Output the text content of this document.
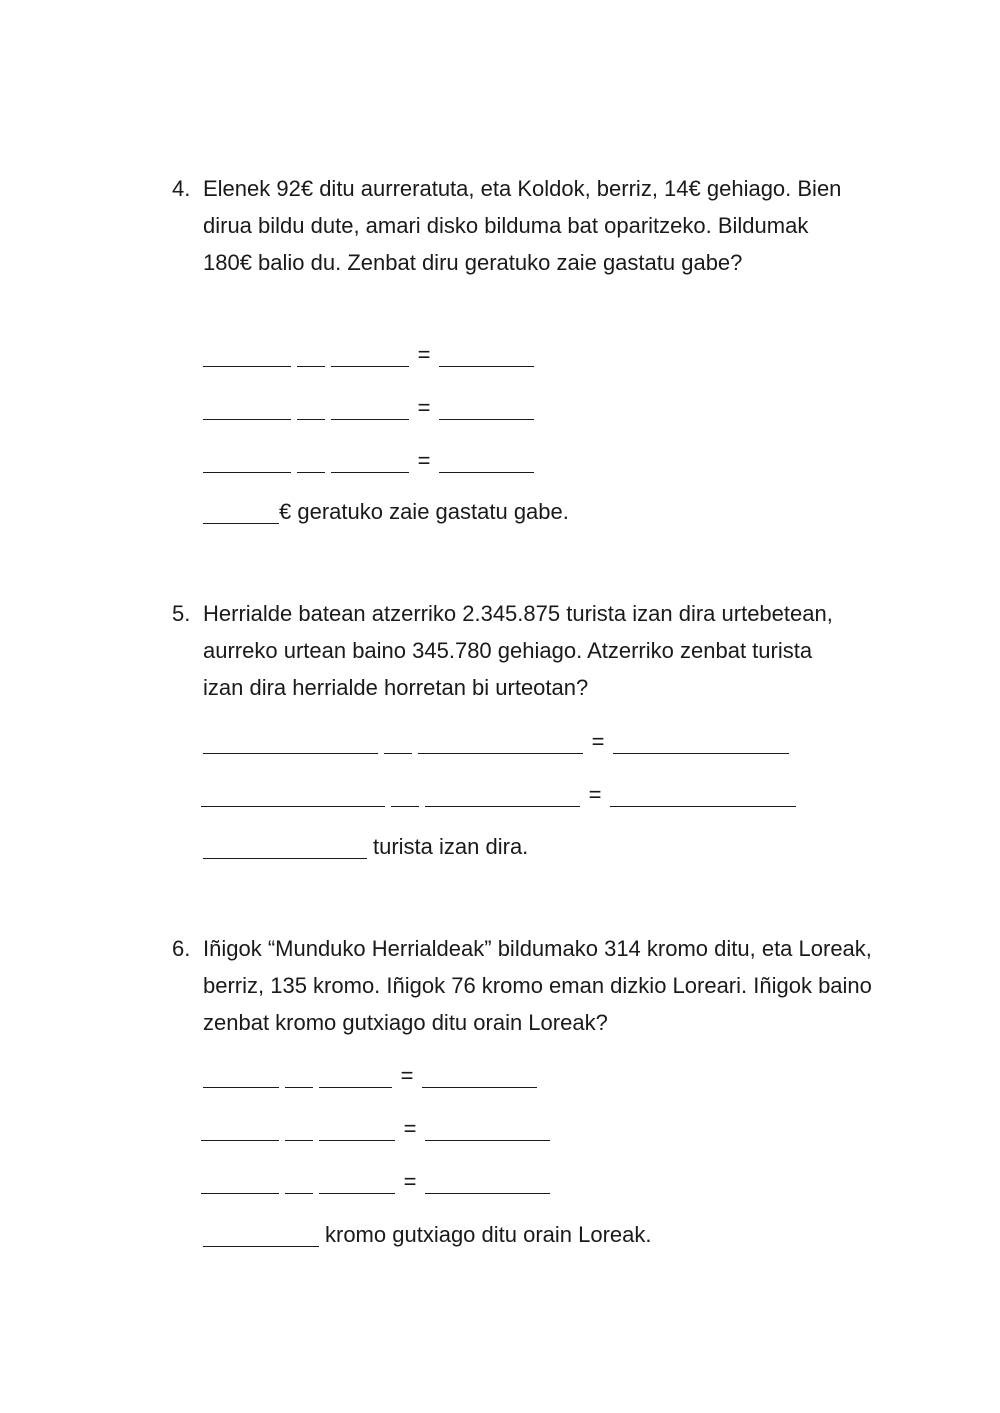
4. Elenek 92€ ditu aurreratuta, eta Koldok, berriz, 14€ gehiago. Bien dirua bildu dute, amari disko bilduma bat oparitzeko. Bildumak 180€ balio du. Zenbat diru geratuko zaie gastatu gabe?

=
=
=
€ geratuko zaie gastatu gabe.
5. Herrialde batean atzerriko 2.345.875 turista izan dira urtebetean, aurreko urtean baino 345.780 gehiago. Atzerriko zenbat turista izan dira herrialde horretan bi urteotan?

=
=
turista izan dira.
6. Iñigok “Munduko Herrialdeak” bildumako 314 kromo ditu, eta Loreak, berriz, 135 kromo. Iñigok 76 kromo eman dizkio Loreari. Iñigok baino zenbat kromo gutxiago ditu orain Loreak?

=
=
=
kromo gutxiago ditu orain Loreak.
